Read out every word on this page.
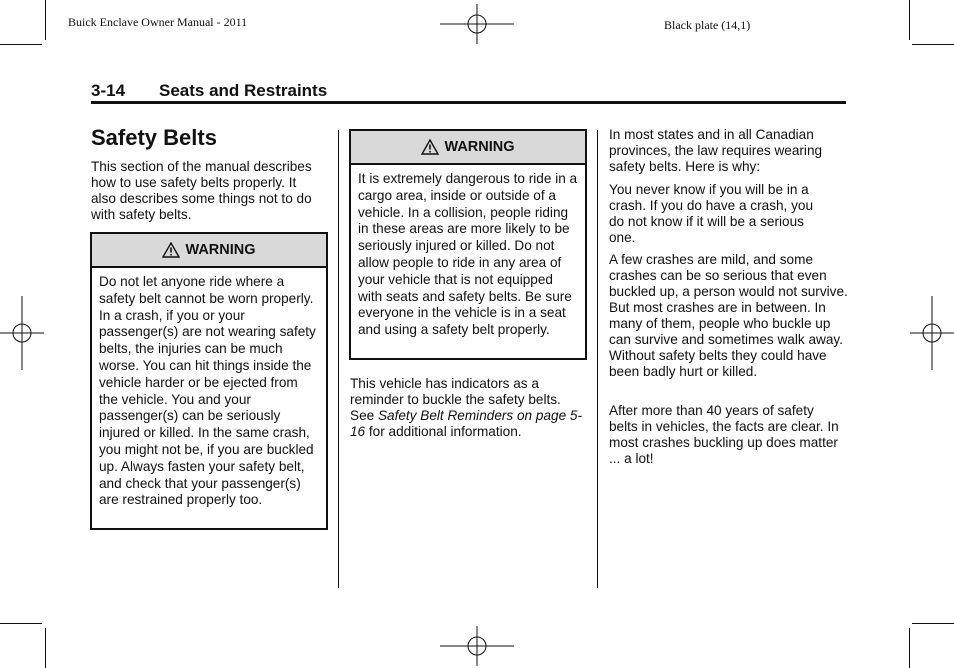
Buick Enclave Owner Manual - 2011	Black plate (14,1)
3-14 Seats and Restraints
Safety Belts
This section of the manual describes how to use safety belts properly. It also describes some things not to do with safety belts.
WARNING
Do not let anyone ride where a safety belt cannot be worn properly. In a crash, if you or your passenger(s) are not wearing safety belts, the injuries can be much worse. You can hit things inside the vehicle harder or be ejected from the vehicle. You and your passenger(s) can be seriously injured or killed. In the same crash, you might not be, if you are buckled up. Always fasten your safety belt, and check that your passenger(s) are restrained properly too.
WARNING
It is extremely dangerous to ride in a cargo area, inside or outside of a vehicle. In a collision, people riding in these areas are more likely to be seriously injured or killed. Do not allow people to ride in any area of your vehicle that is not equipped with seats and safety belts. Be sure everyone in the vehicle is in a seat and using a safety belt properly.
This vehicle has indicators as a reminder to buckle the safety belts. See Safety Belt Reminders on page 5-16 for additional information.
In most states and in all Canadian provinces, the law requires wearing safety belts. Here is why:
You never know if you will be in a crash. If you do have a crash, you do not know if it will be a serious one.
A few crashes are mild, and some crashes can be so serious that even buckled up, a person would not survive. But most crashes are in between. In many of them, people who buckle up can survive and sometimes walk away. Without safety belts they could have been badly hurt or killed.
After more than 40 years of safety belts in vehicles, the facts are clear. In most crashes buckling up does matter ... a lot!
